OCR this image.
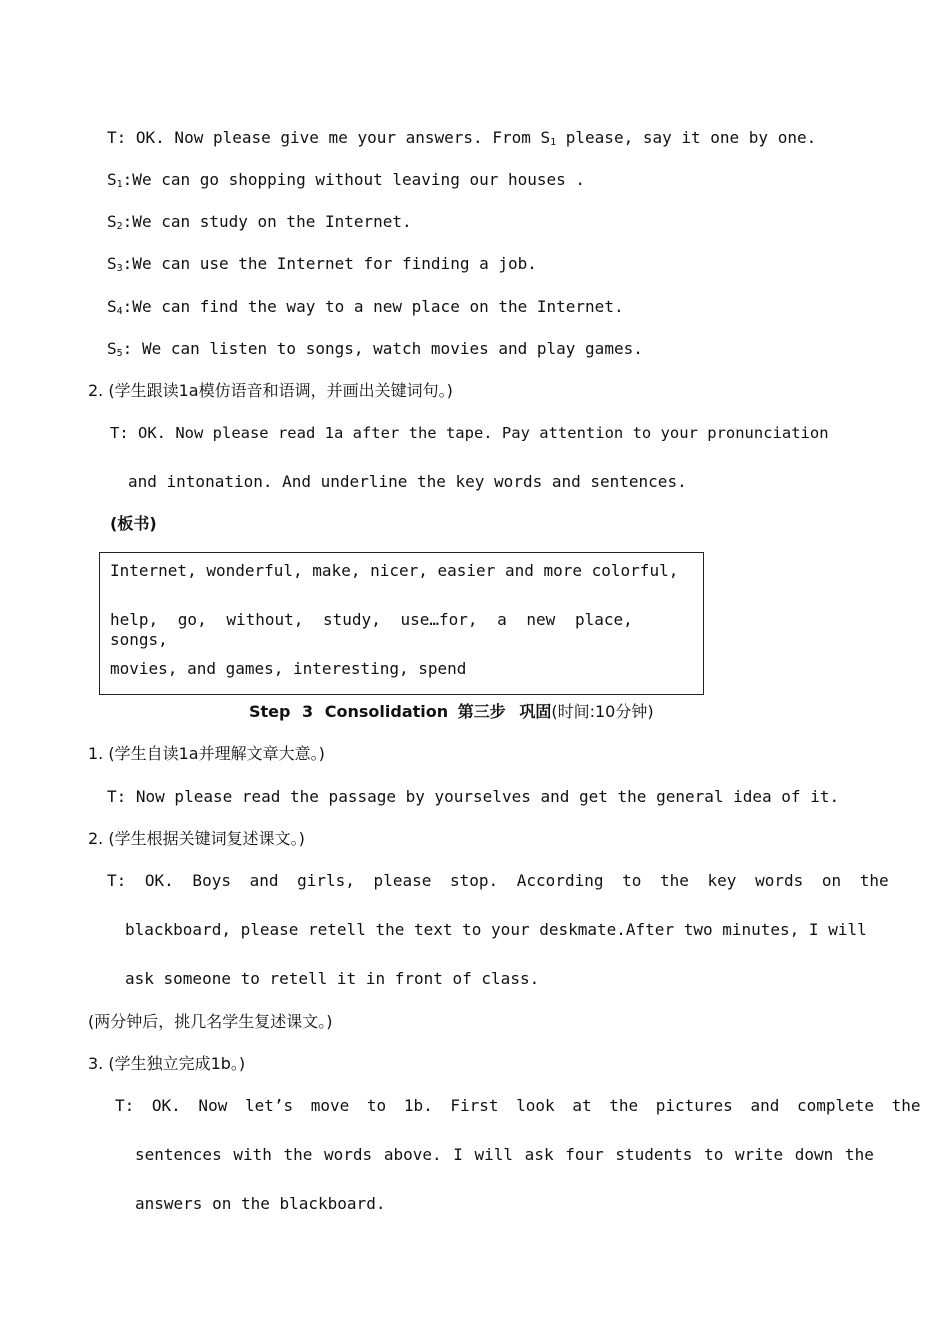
T: OK. Now please give me your answers. From $S_1$ please, say it one by one.
$S_1:We$ can go shopping without leaving our houses .
$S_2:We$ can study on the Internet.
$S_3:We$ can use the Internet for finding a job.
$S_4:We$ can find the way to a new place on the Internet.
$S_5$: We can listen to songs, watch movies and play games.
2. (学生跟读1a模仿语音和语调，并画出关键词句。)
T: OK. Now please read 1a after the tape. Pay attention to your pronunciation
and intonation. And underline the key words and sentences.
(板书)
Internet, wonderful, make, nicer, easier and more colorful,
help, go, without, study, use…for, a new place, songs,
movies, and games, interesting, spend
Step 3 Consolidation 第三步 巩固(时间:10分钟)
1. (学生自读1a并理解文章大意。)
T: Now please read the passage by yourselves and get the general idea of it.
2. (学生根据关键词复述课文。)
T: OK. Boys and girls, please stop. According to the key words on the
blackboard, please retell the text to your deskmate.After two minutes, I will
ask someone to retell it in front of class.
(两分钟后，挑几名学生复述课文。)
3. (学生独立完成1b。)
T: OK. Now let’s move to 1b. First look at the pictures and complete the
sentences with the words above. I will ask four students to write down the
answers on the blackboard.
